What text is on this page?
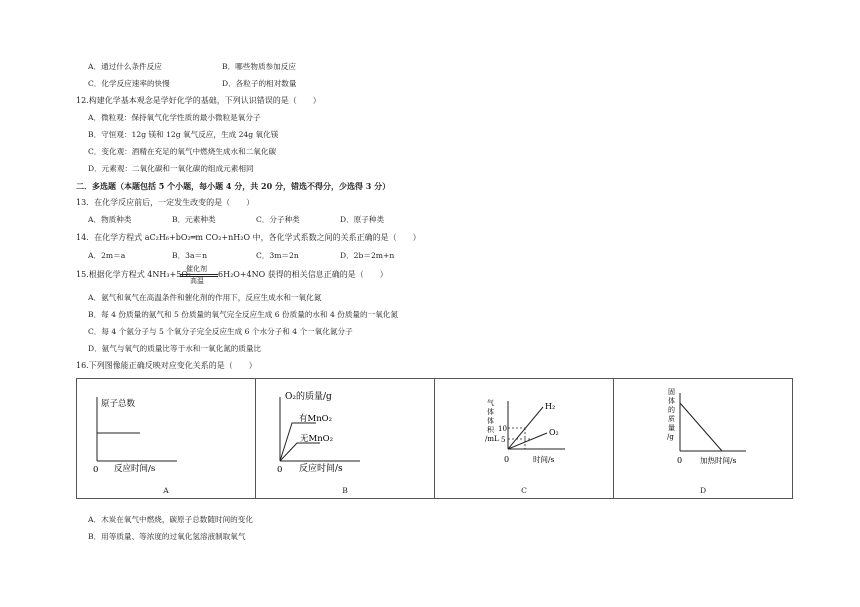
A．通过什么条件反应	B．哪些物质参加反应
C．化学反应速率的快慢	D．各粒子的相对数量
12.构建化学基本观念是学好化学的基础，下列认识错误的是（　　）
A．微粒观：保持氧气化学性质的最小微粒是氧分子
B．守恒观：12g 镁和 12g 氧气反应，生成 24g 氧化镁
C．变化观：酒精在充足的氧气中燃烧生成水和二氧化碳
D．元素观：二氧化碳和一氧化碳的组成元素相同
二．多选题（本题包括 5 个小题，每小题 4 分，共 20 分，错选不得分，少选得 3 分）
13．在化学反应前后，一定发生改变的是（　　）
A．物质种类	B．元素种类	C．分子种类	D．原子种类
14．在化学方程式 aC₂H₆+bO₂═m CO₂+nH₂O 中，各化学式系数之间的关系正确的是（　　）
A．2m＝a	B．3a＝n	C．3m＝2n	D．2b＝2m+n
15.根据化学方程式 4NH₃+5O₂
催化剂
高温
6H₂O+4NO 获得的相关信息正确的是（　　）
A．氨气和氧气在高温条件和催化剂的作用下，反应生成水和一氧化氮
B．每 4 份质量的氨气和 5 份质量的氧气完全反应生成 6 份质量的水和 4 份质量的一氧化氮
C．每 4 个氨分子与 5 个氧分子完全反应生成 6 个水分子和 4 个一氧化氮分子
D．氨气与氧气的质量比等于水和一氧化氮的质量比
16.下列图像能正确反映对应变化关系的是（　　）
原子总数
反应时间/s
0
A

O₂的质量/g
有MnO₂
无MnO₂
反应时间/s
0
B

气
体
体
积
/mL
10
5
H₂
O₂
时间/s
0
C

固
体
的
质
量
/g
加热时间/s
0
D
A．木炭在氧气中燃烧，碳原子总数随时间的变化
B．用等质量、等浓度的过氧化氢溶液制取氧气
